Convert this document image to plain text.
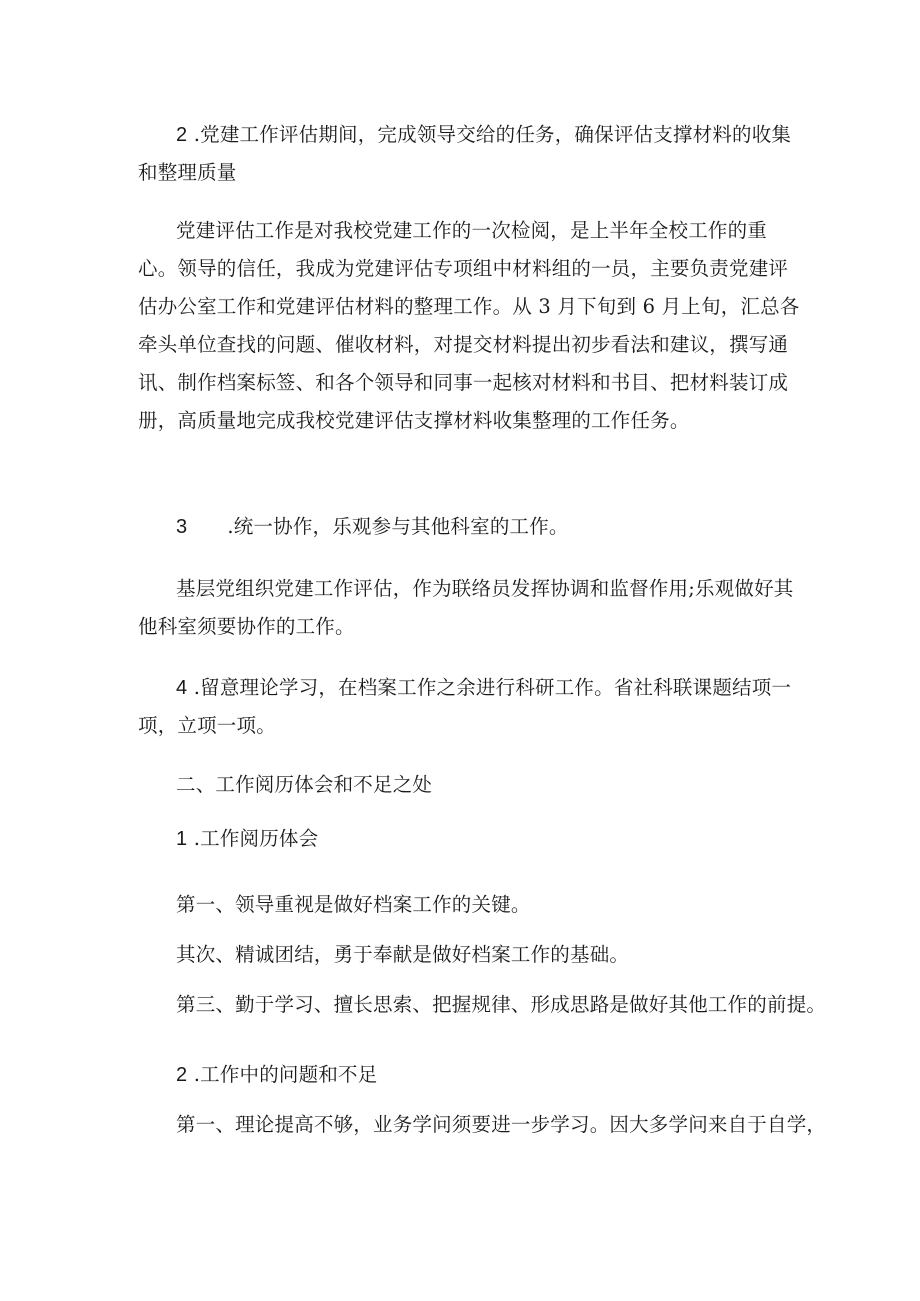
2 .党建工作评估期间，完成领导交给的任务，确保评估支撑材料的收集和整理质量

党建评估工作是对我校党建工作的一次检阅，是上半年全校工作的重心。领导的信任，我成为党建评估专项组中材料组的一员，主要负责党建评估办公室工作和党建评估材料的整理工作。从 3 月下旬到 6 月上旬，汇总各牵头单位查找的问题、催收材料，对提交材料提出初步看法和建议，撰写通讯、制作档案标签、和各个领导和同事一起核对材料和书目、把材料装订成册，高质量地完成我校党建评估支撑材料收集整理的工作任务。

3 .统一协作，乐观参与其他科室的工作。

基层党组织党建工作评估，作为联络员发挥协调和监督作用;乐观做好其他科室须要协作的工作。

4 .留意理论学习，在档案工作之余进行科研工作。省社科联课题结项一项，立项一项。

二、工作阅历体会和不足之处

1 .工作阅历体会

第一、领导重视是做好档案工作的关键。

其次、精诚团结，勇于奉献是做好档案工作的基础。

第三、勤于学习、擅长思索、把握规律、形成思路是做好其他工作的前提。

2 .工作中的问题和不足

第一、理论提高不够，业务学问须要进一步学习。因大多学问来自于自学，
